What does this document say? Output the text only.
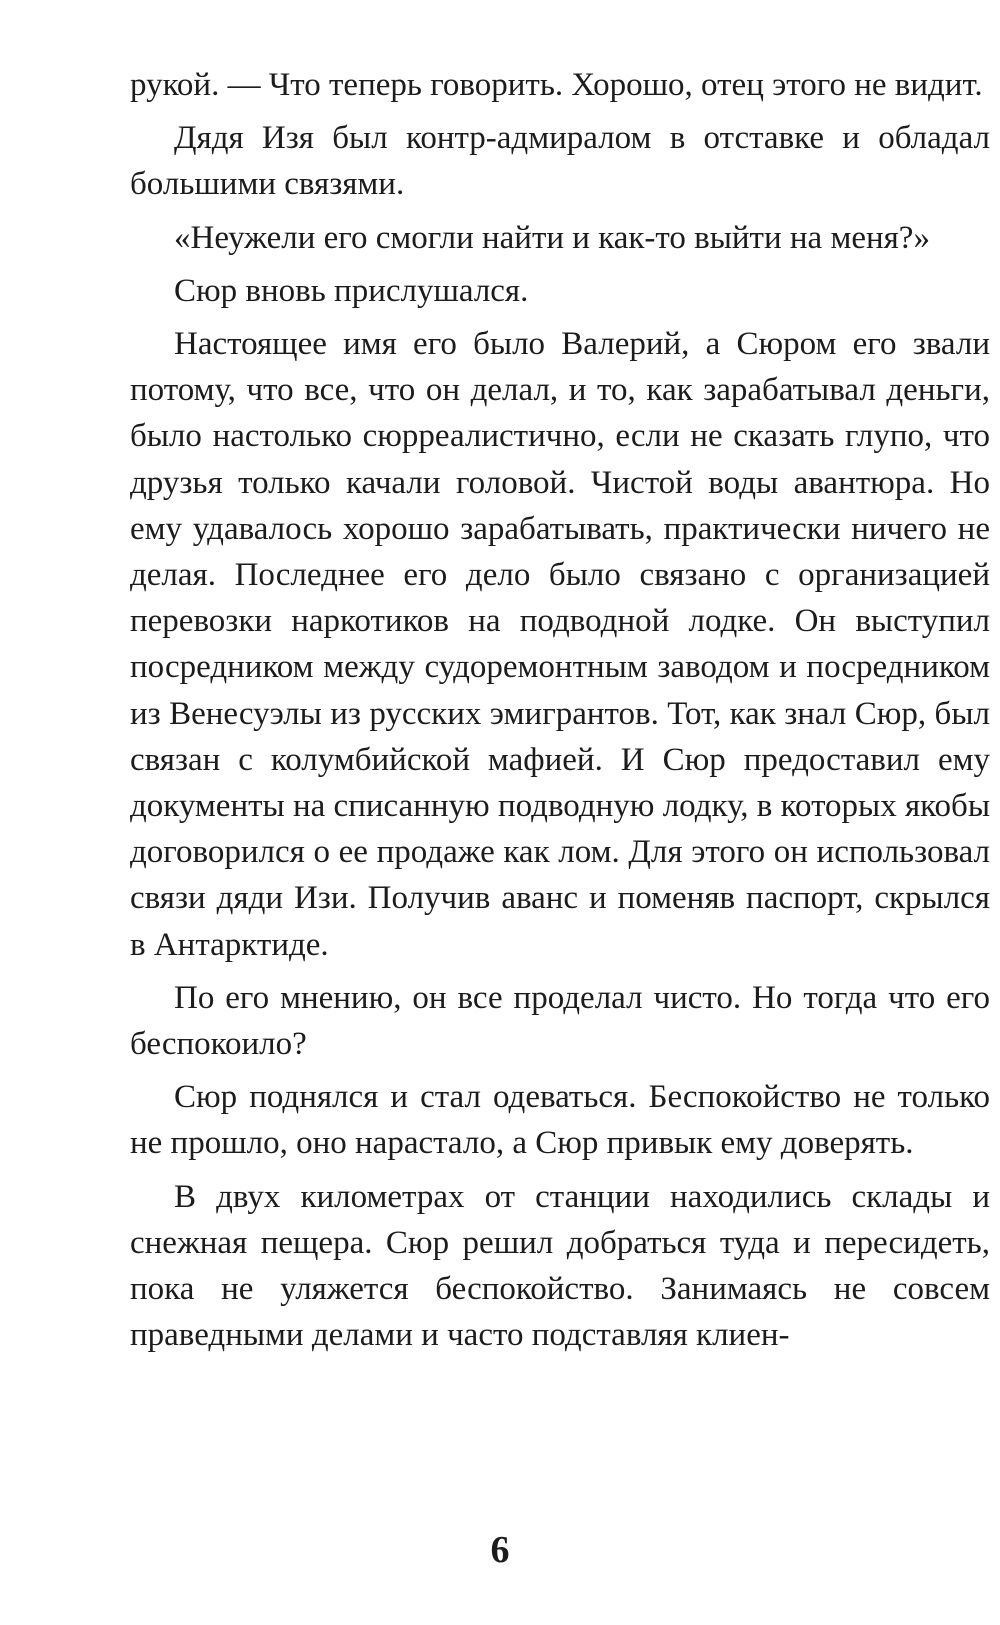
рукой. — Что теперь говорить. Хорошо, отец этого не видит.

Дядя Изя был контр-адмиралом в отставке и обладал большими связями.

«Неужели его смогли найти и как-то выйти на меня?»

Сюр вновь прислушался.

Настоящее имя его было Валерий, а Сюром его звали потому, что все, что он делал, и то, как зарабатывал деньги, было настолько сюрреалистично, если не сказать глупо, что друзья только качали головой. Чистой воды авантюра. Но ему удавалось хорошо зарабатывать, практически ничего не делая. Последнее его дело было связано с организацией перевозки наркотиков на подводной лодке. Он выступил посредником между судоремонтным заводом и посредником из Венесуэлы из русских эмигрантов. Тот, как знал Сюр, был связан с колумбийской мафией. И Сюр предоставил ему документы на списанную подводную лодку, в которых якобы договорился о ее продаже как лом. Для этого он использовал связи дяди Изи. Получив аванс и поменяв паспорт, скрылся в Антарктиде.

По его мнению, он все проделал чисто. Но тогда что его беспокоило?

Сюр поднялся и стал одеваться. Беспокойство не только не прошло, оно нарастало, а Сюр привык ему доверять.

В двух километрах от станции находились склады и снежная пещера. Сюр решил добраться туда и пересидеть, пока не уляжется беспокойство. Занимаясь не совсем праведными делами и часто подставляя клиен-

6
